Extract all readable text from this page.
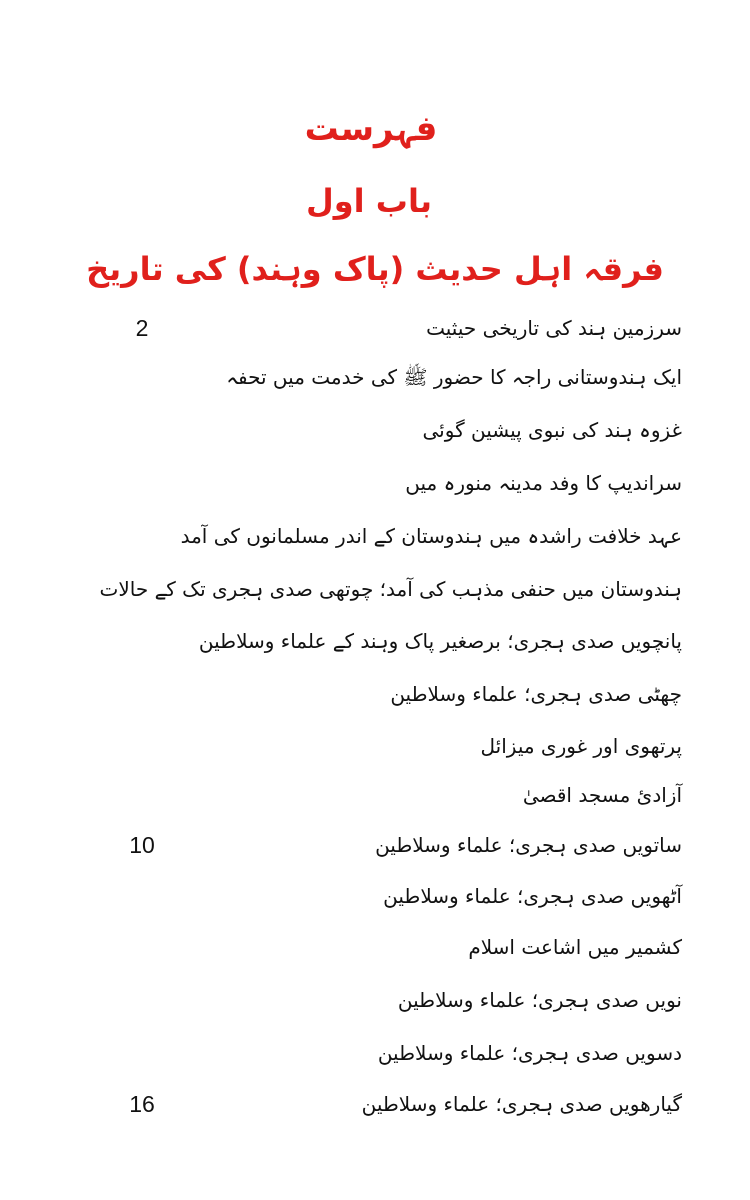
فہرست
باب اول
فرقہ اہل حدیث (پاک وہند) کی تاریخ
سرزمین ہند کی تاریخی حیثیت
2
ایک ہندوستانی راجہ کا حضور ﷺ کی خدمت میں تحفہ
غزوہ ہند کی نبوی پیشین گوئی
سراندیپ کا وفد مدینہ منورہ میں
عہد خلافت راشدہ میں ہندوستان کے اندر مسلمانوں کی آمد
ہندوستان میں حنفی مذہب کی آمد؛ چوتھی صدی ہجری تک کے حالات
پانچویں صدی ہجری؛ برصغیر پاک وہند کے علماء وسلاطین
چھٹی صدی ہجری؛ علماء وسلاطین
پرتھوی اور غوری میزائل
آزادیٔ مسجد اقصیٰ
ساتویں صدی ہجری؛ علماء وسلاطین
10
آٹھویں صدی ہجری؛ علماء وسلاطین
کشمیر میں اشاعت اسلام
نویں صدی ہجری؛ علماء وسلاطین
دسویں صدی ہجری؛ علماء وسلاطین
گیارھویں صدی ہجری؛ علماء وسلاطین
16
